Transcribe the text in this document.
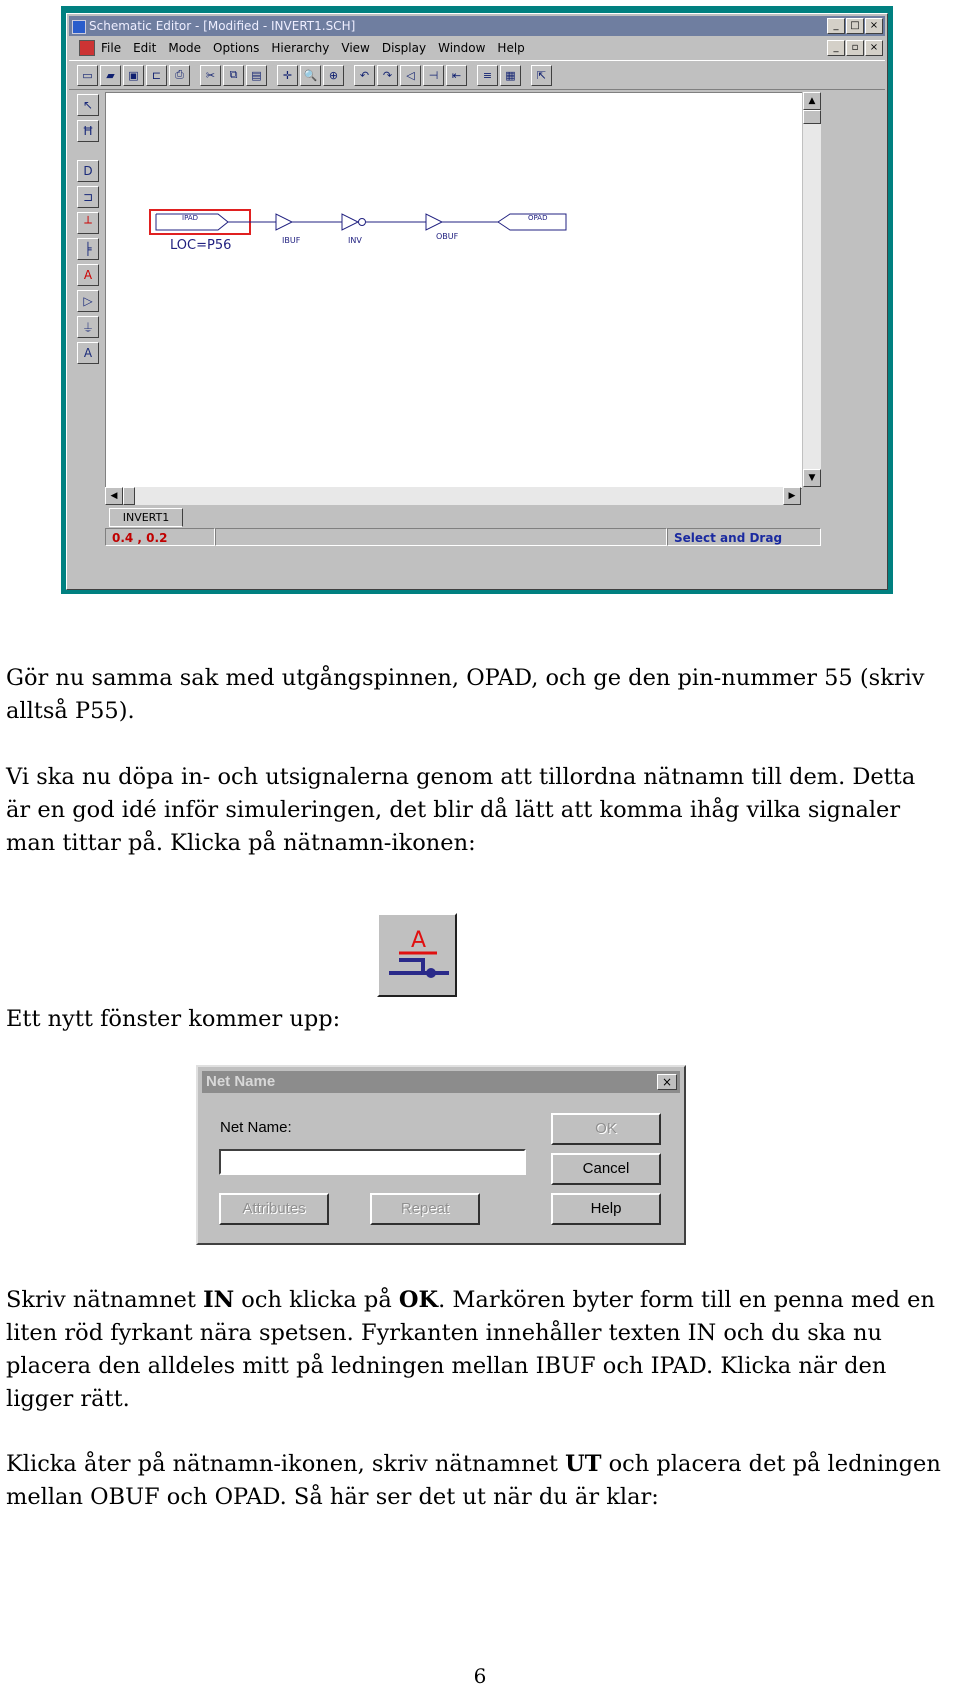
Schematic Editor - [Modified - INVERT1.SCH]	_	□	×
File Edit Mode Options Hierarchy View Display Window Help	_	▫	×
▭	▰	▣	⊏	⎙	✂	⧉	▤	✛	🔍	⊕	↶	↷	◁	⊣	⇤	≡	▦	⇱
↖
Ħ
D
⊐
┴
╞
A
▷
⏚
A
IPAD
LOC=P56	IBUF	INV	OBUF
OPAD
▲
▼
◀	▶
INVERT1
0.4 , 0.2	Select and Drag

Gör nu samma sak med utgångspinnen, OPAD, och ge den pin-nummer 55 (skriv alltså P55).

Vi ska nu döpa in- och utsignalerna genom att tillordna nätnamn till dem. Detta är en god idé inför simuleringen, det blir då lätt att komma ihåg vilka signaler man tittar på. Klicka på nätnamn-ikonen:

A

Ett nytt fönster kommer upp:

Net Name	×
Net Name:	OK
Cancel
Help
Attributes	Repeat

Skriv nätnamnet IN och klicka på OK. Markören byter form till en penna med en liten röd fyrkant nära spetsen. Fyrkanten innehåller texten IN och du ska nu placera den alldeles mitt på ledningen mellan IBUF och IPAD. Klicka när den ligger rätt.

Klicka åter på nätnamn-ikonen, skriv nätnamnet UT och placera det på ledningen mellan OBUF och OPAD. Så här ser det ut när du är klar:

6
